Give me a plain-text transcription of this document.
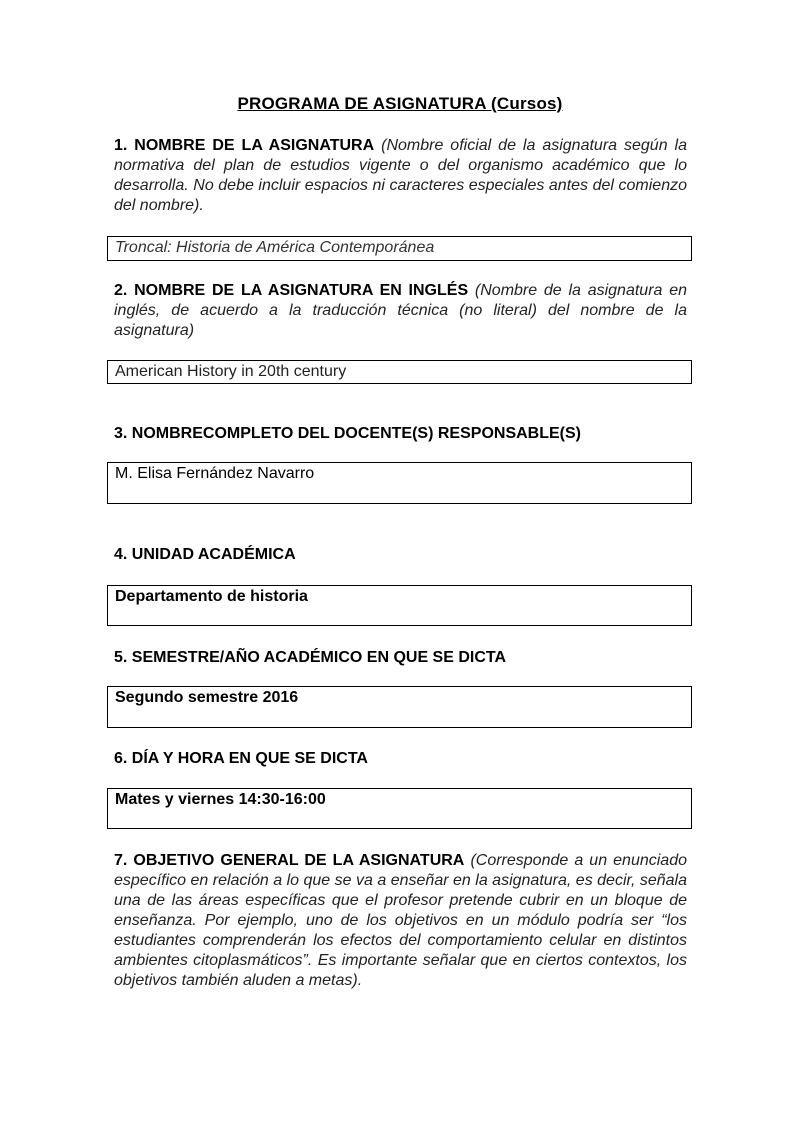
PROGRAMA DE ASIGNATURA (Cursos)
1. NOMBRE DE LA ASIGNATURA (Nombre oficial de la asignatura según la normativa del plan de estudios vigente o del organismo académico que lo desarrolla. No debe incluir espacios ni caracteres especiales antes del comienzo del nombre).
Troncal: Historia de América Contemporánea
2. NOMBRE DE LA ASIGNATURA EN INGLÉS (Nombre de la asignatura en inglés, de acuerdo a la traducción técnica (no literal) del nombre de la asignatura)
American History in 20th century
3. NOMBRECOMPLETO DEL DOCENTE(S) RESPONSABLE(S)
M. Elisa Fernández Navarro
4. UNIDAD ACADÉMICA
Departamento de historia
5. SEMESTRE/AÑO ACADÉMICO EN QUE SE DICTA
Segundo semestre 2016
6. DÍA Y HORA EN QUE SE DICTA
Mates y viernes 14:30-16:00
7. OBJETIVO GENERAL DE LA ASIGNATURA (Corresponde a un enunciado específico en relación a lo que se va a enseñar en la asignatura, es decir, señala una de las áreas específicas que el profesor pretende cubrir en un bloque de enseñanza. Por ejemplo, uno de los objetivos en un módulo podría ser “los estudiantes comprenderán los efectos del comportamiento celular en distintos ambientes citoplasmáticos”. Es importante señalar que en ciertos contextos, los objetivos también aluden a metas).
